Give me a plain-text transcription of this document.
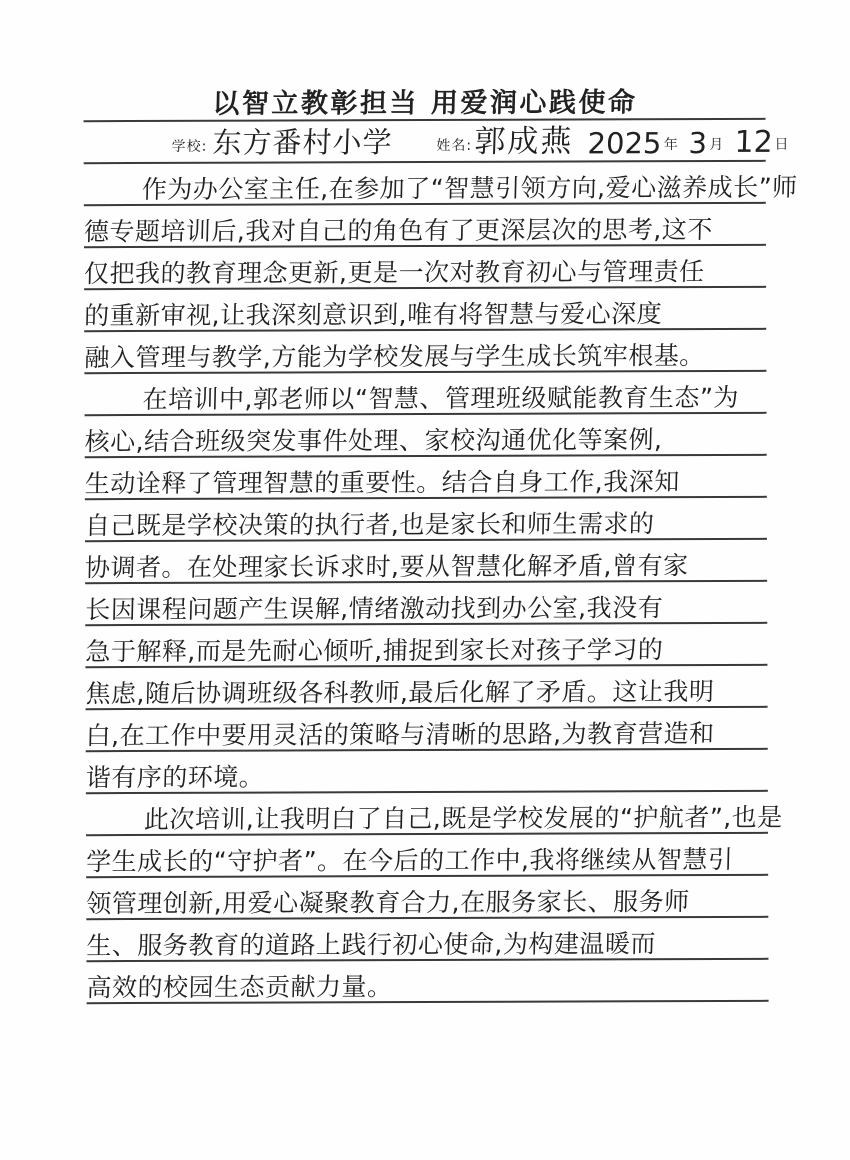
以智立教彰担当 用爱润心践使命
学校: 东方番村小学	姓名: 郭成燕 2025 年 3 月 12 日
作为办公室主任,在参加了“智慧引领方向,爱心滋养成长”师
德专题培训后,我对自己的角色有了更深层次的思考,这不
仅把我的教育理念更新,更是一次对教育初心与管理责任
的重新审视,让我深刻意识到,唯有将智慧与爱心深度
融入管理与教学,方能为学校发展与学生成长筑牢根基。
在培训中,郭老师以“智慧、管理班级赋能教育生态”为
核心,结合班级突发事件处理、家校沟通优化等案例,
生动诠释了管理智慧的重要性。结合自身工作,我深知
自己既是学校决策的执行者,也是家长和师生需求的
协调者。在处理家长诉求时,要从智慧化解矛盾,曾有家
长因课程问题产生误解,情绪激动找到办公室,我没有
急于解释,而是先耐心倾听,捕捉到家长对孩子学习的
焦虑,随后协调班级各科教师,最后化解了矛盾。这让我明
白,在工作中要用灵活的策略与清晰的思路,为教育营造和
谐有序的环境。
此次培训,让我明白了自己,既是学校发展的“护航者”,也是
学生成长的“守护者”。在今后的工作中,我将继续从智慧引
领管理创新,用爱心凝聚教育合力,在服务家长、服务师
生、服务教育的道路上践行初心使命,为构建温暖而
高效的校园生态贡献力量。
